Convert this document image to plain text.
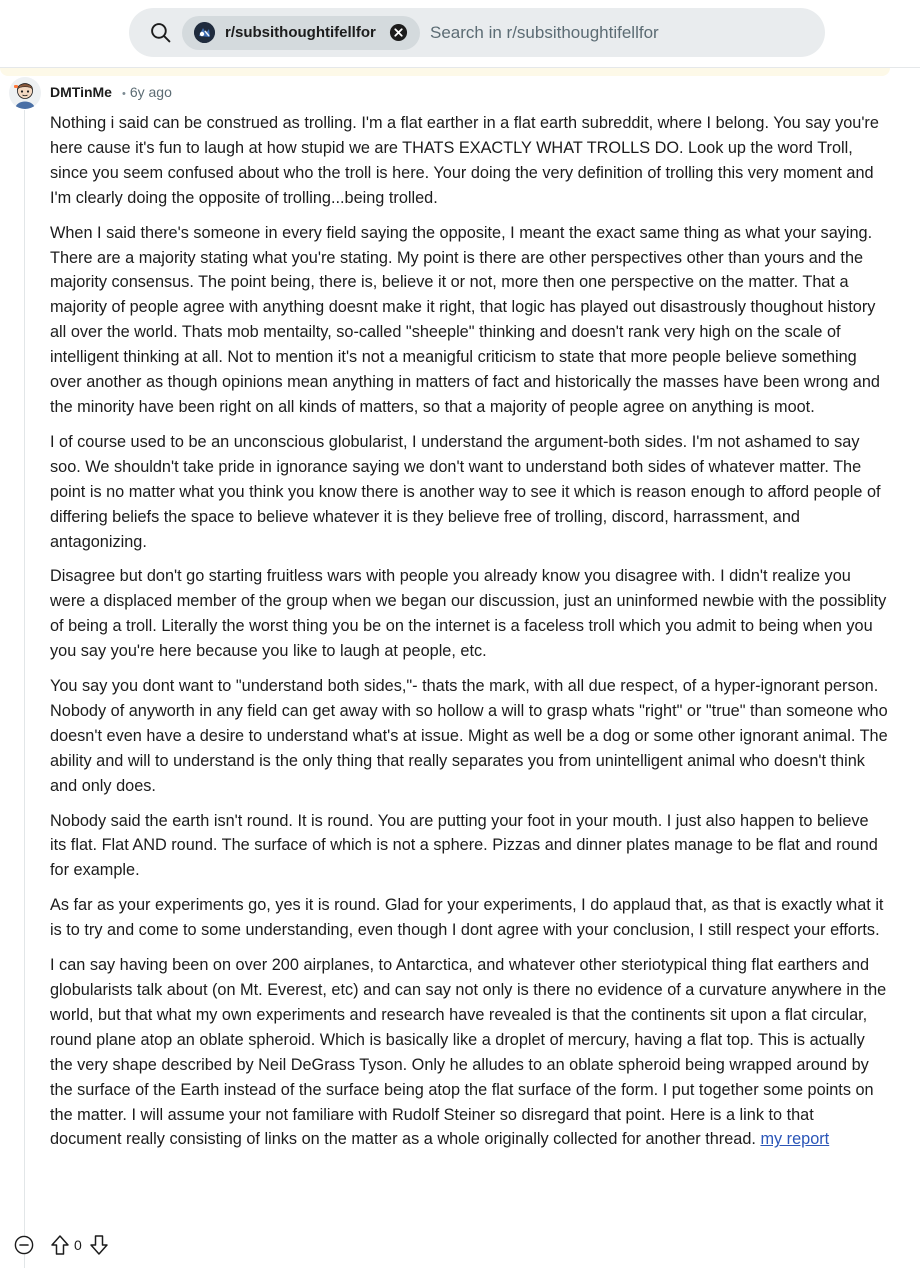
r/subsithoughtifellfor
Search in r/subsithoughtifellfor
DMTinMe • 6y ago

Nothing i said can be construed as trolling. I'm a flat earther in a flat earth subreddit, where I belong. You say you're here cause it's fun to laugh at how stupid we are THATS EXACTLY WHAT TROLLS DO. Look up the word Troll, since you seem confused about who the troll is here. Your doing the very definition of trolling this very moment and I'm clearly doing the opposite of trolling...being trolled.

When I said there's someone in every field saying the opposite, I meant the exact same thing as what your saying. There are a majority stating what you're stating. My point is there are other perspectives other than yours and the majority consensus. The point being, there is, believe it or not, more then one perspective on the matter. That a majority of people agree with anything doesnt make it right, that logic has played out disastrously thoughout history all over the world. Thats mob mentailty, so-called "sheeple" thinking and doesn't rank very high on the scale of intelligent thinking at all. Not to mention it's not a meanigful criticism to state that more people believe something over another as though opinions mean anything in matters of fact and historically the masses have been wrong and the minority have been right on all kinds of matters, so that a majority of people agree on anything is moot.

I of course used to be an unconscious globularist, I understand the argument-both sides. I'm not ashamed to say soo. We shouldn't take pride in ignorance saying we don't want to understand both sides of whatever matter. The point is no matter what you think you know there is another way to see it which is reason enough to afford people of differing beliefs the space to believe whatever it is they believe free of trolling, discord, harrassment, and antagonizing.

Disagree but don't go starting fruitless wars with people you already know you disagree with. I didn't realize you were a displaced member of the group when we began our discussion, just an uninformed newbie with the possiblity of being a troll. Literally the worst thing you be on the internet is a faceless troll which you admit to being when you you say you're here because you like to laugh at people, etc.

You say you dont want to "understand both sides,"- thats the mark, with all due respect, of a hyper-ignorant person. Nobody of anyworth in any field can get away with so hollow a will to grasp whats "right" or "true" than someone who doesn't even have a desire to understand what's at issue. Might as well be a dog or some other ignorant animal. The ability and will to understand is the only thing that really separates you from unintelligent animal who doesn't think and only does.

Nobody said the earth isn't round. It is round. You are putting your foot in your mouth. I just also happen to believe its flat. Flat AND round. The surface of which is not a sphere. Pizzas and dinner plates manage to be flat and round for example.

As far as your experiments go, yes it is round. Glad for your experiments, I do applaud that, as that is exactly what it is to try and come to some understanding, even though I dont agree with your conclusion, I still respect your efforts.

I can say having been on over 200 airplanes, to Antarctica, and whatever other steriotypical thing flat earthers and globularists talk about (on Mt. Everest, etc) and can say not only is there no evidence of a curvature anywhere in the world, but that what my own experiments and research have revealed is that the continents sit upon a flat circular, round plane atop an oblate spheroid. Which is basically like a droplet of mercury, having a flat top. This is actually the very shape described by Neil DeGrass Tyson. Only he alludes to an oblate spheroid being wrapped around by the surface of the Earth instead of the surface being atop the flat surface of the form. I put together some points on the matter. I will assume your not familiare with Rudolf Steiner so disregard that point. Here is a link to that document really consisting of links on the matter as a whole originally collected for another thread. my report

0
